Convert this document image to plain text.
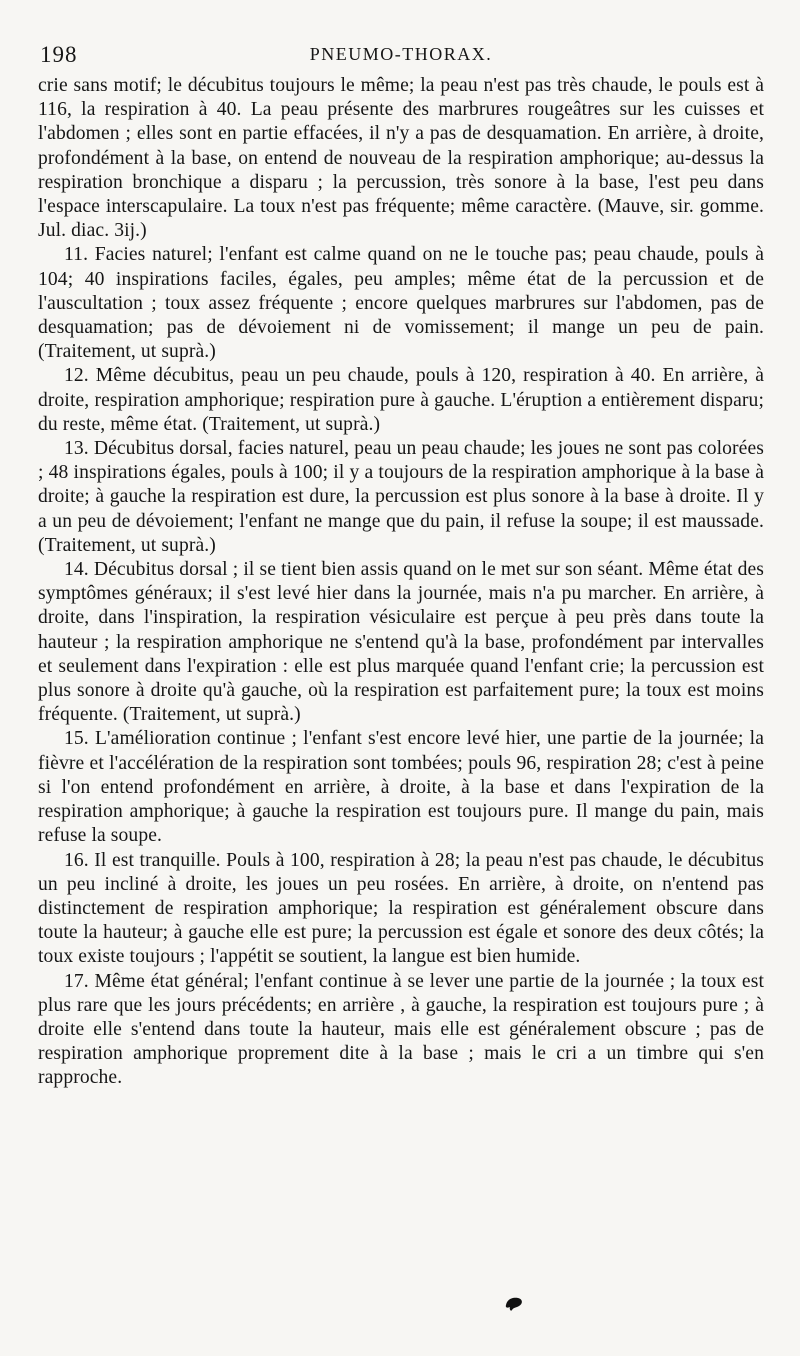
198	PNEUMO-THORAX.

crie sans motif; le décubitus toujours le même; la peau n'est pas très chaude, le pouls est à 116, la respiration à 40. La peau présente des marbrures rougeâtres sur les cuisses et l'abdomen ; elles sont en partie effacées, il n'y a pas de desquamation. En arrière, à droite, profondément à la base, on entend de nouveau de la respiration amphorique; au-dessus la respiration bronchique a disparu ; la percussion, très sonore à la base, l'est peu dans l'espace interscapulaire. La toux n'est pas fréquente; même caractère. (Mauve, sir. gomme. Jul. diac. 3ij.)

11. Facies naturel; l'enfant est calme quand on ne le touche pas; peau chaude, pouls à 104; 40 inspirations faciles, égales, peu amples; même état de la percussion et de l'auscultation ; toux assez fréquente ; encore quelques marbrures sur l'abdomen, pas de desquamation; pas de dévoiement ni de vomissement; il mange un peu de pain. (Traitement, ut suprà.)

12. Même décubitus, peau un peu chaude, pouls à 120, respiration à 40. En arrière, à droite, respiration amphorique; respiration pure à gauche. L'éruption a entièrement disparu; du reste, même état. (Traitement, ut suprà.)

13. Décubitus dorsal, facies naturel, peau un peau chaude; les joues ne sont pas colorées ; 48 inspirations égales, pouls à 100; il y a toujours de la respiration amphorique à la base à droite; à gauche la respiration est dure, la percussion est plus sonore à la base à droite. Il y a un peu de dévoiement; l'enfant ne mange que du pain, il refuse la soupe; il est maussade. (Traitement, ut suprà.)

14. Décubitus dorsal ; il se tient bien assis quand on le met sur son séant. Même état des symptômes généraux; il s'est levé hier dans la journée, mais n'a pu marcher. En arrière, à droite, dans l'inspiration, la respiration vésiculaire est perçue à peu près dans toute la hauteur ; la respiration amphorique ne s'entend qu'à la base, profondément par intervalles et seulement dans l'expiration : elle est plus marquée quand l'enfant crie; la percussion est plus sonore à droite qu'à gauche, où la respiration est parfaitement pure; la toux est moins fréquente. (Traitement, ut suprà.)

15. L'amélioration continue ; l'enfant s'est encore levé hier, une partie de la journée; la fièvre et l'accélération de la respiration sont tombées; pouls 96, respiration 28; c'est à peine si l'on entend profondément en arrière, à droite, à la base et dans l'expiration de la respiration amphorique; à gauche la respiration est toujours pure. Il mange du pain, mais refuse la soupe.

16. Il est tranquille. Pouls à 100, respiration à 28; la peau n'est pas chaude, le décubitus un peu incliné à droite, les joues un peu rosées. En arrière, à droite, on n'entend pas distinctement de respiration amphorique; la respiration est généralement obscure dans toute la hauteur; à gauche elle est pure; la percussion est égale et sonore des deux côtés; la toux existe toujours ; l'appétit se soutient, la langue est bien humide.

17. Même état général; l'enfant continue à se lever une partie de la journée ; la toux est plus rare que les jours précédents; en arrière , à gauche, la respiration est toujours pure ; à droite elle s'entend dans toute la hauteur, mais elle est généralement obscure ; pas de respiration amphorique proprement dite à la base ; mais le cri a un timbre qui s'en rapproche.
